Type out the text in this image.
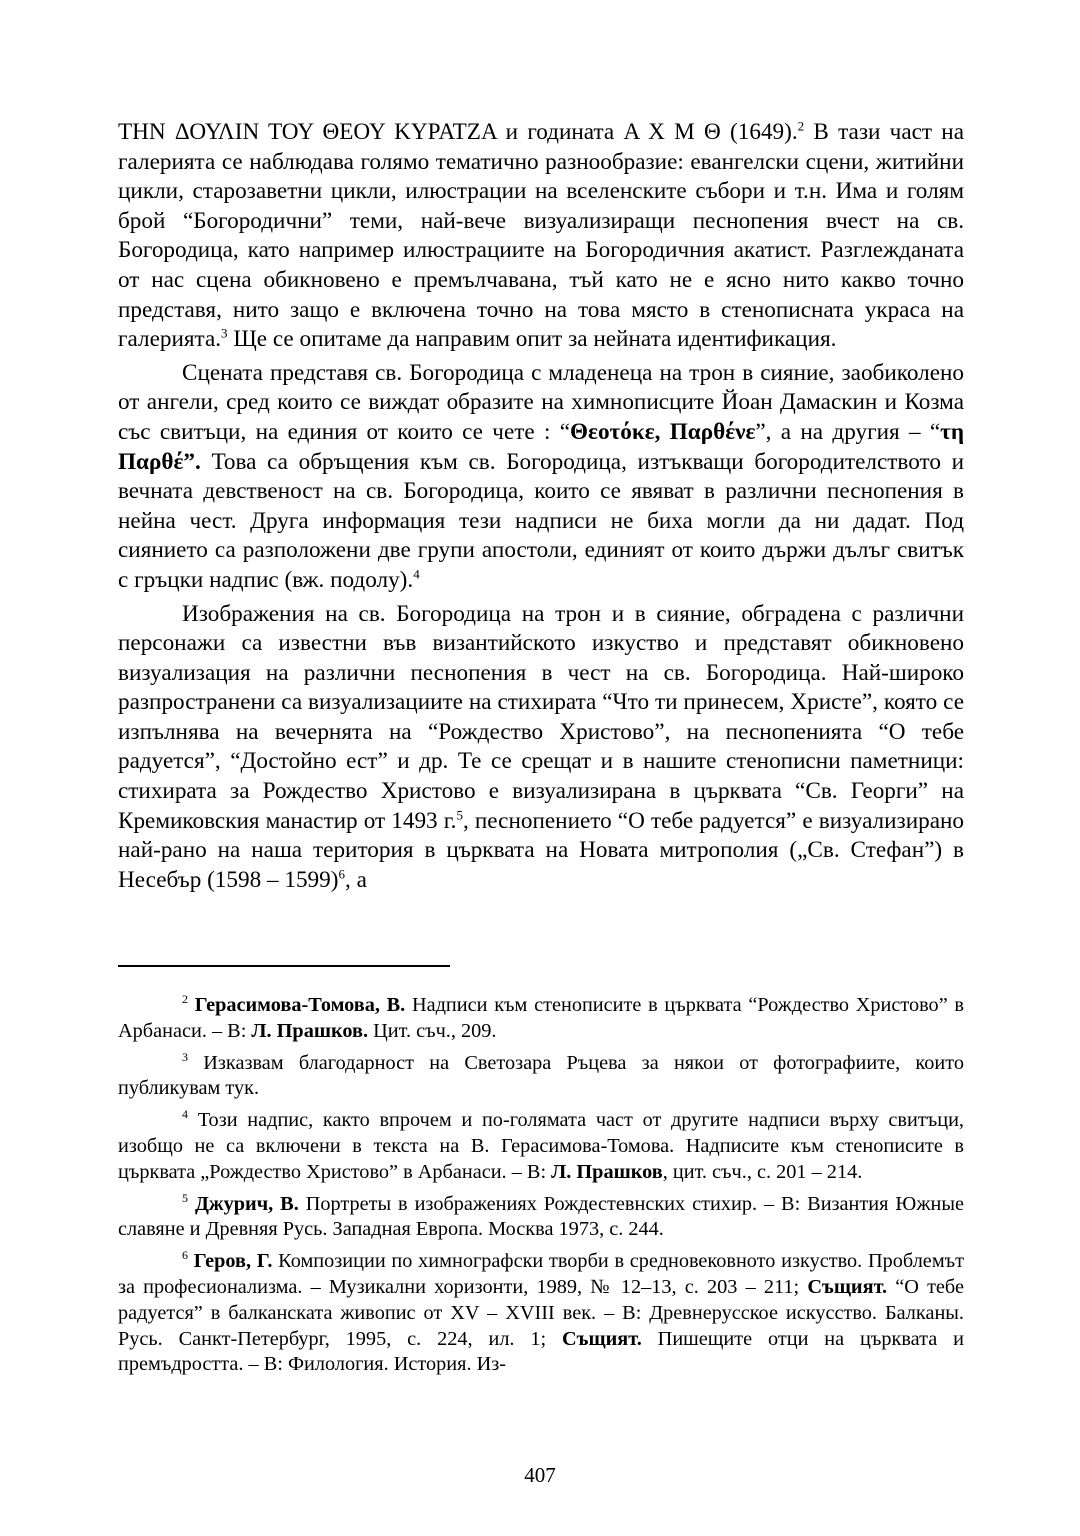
THN ΔΟΥΛΙΝ ΤΟΥ ΘΕΟΥ ΚΥΡΑΤΖΑ и годината Α Χ Μ Θ (1649).$^2$ В тази част на галерията се наблюдава голямо тематично разнообразие: евангелски сцени, житийни цикли, старозаветни цикли, илюстрации на вселенските събори и т.н. Има и голям брой “Богородични” теми, най-вече визуализиращи песнопения вчест на св. Богородица, като например илюстрациите на Богородичния акатист. Разглежданата от нас сцена обикновено е премълчавана, тъй като не е ясно нито какво точно представя, нито защо е включена точно на това място в стенописната украса на галерията.$^3$ Ще се опитаме да направим опит за нейната идентификация.

Сцената представя св. Богородица с младенеца на трон в сияние, заобиколено от ангели, сред които се виждат образите на химнописците Йоан Дамаскин и Козма със свитъци, на единия от които се чете : “Θεοτόκε, Παρθένε”, а на другия – “τη Παρθέ”. Това са обръщения към св. Богородица, изтъкващи богородителството и вечната девственост на св. Богородица, които се явяват в различни песнопения в нейна чест. Друга информация тези надписи не биха могли да ни дадат. Под сиянието са разположени две групи апостоли, единият от които държи дълъг свитък с гръцки надпис (вж. подолу).$^4$

Изображения на св. Богородица на трон и в сияние, обградена с различни персонажи са известни във византийското изкуство и представят обикновено визуализация на различни песнопения в чест на св. Богородица. Най-широко разпространени са визуализациите на стихирата “Что ти принесем, Христе”, която се изпълнява на вечернята на “Рождество Христово”, на песнопенията “О тебе радуется”, “Достойно ест” и др. Те се срещат и в нашите стенописни паметници: стихирата за Рождество Христово е визуализирана в църквата “Св. Георги” на Кремиковския манастир от 1493 г.$^5$, песнопението “О тебе радуется” е визуализирано най-рано на наша територия в църквата на Новата митрополия („Св. Стефан”) в Несебър (1598 – 1599)$^6$, а

$^2$ Герасимова-Томова, В. Надписи към стенописите в църквата “Рождество Христово” в Арбанаси. – В: Л. Прашков. Цит. съч., 209.

$^3$ Изказвам благодарност на Светозара Ръцева за някои от фотографиите, които публикувам тук.

$^4$ Този надпис, както впрочем и по-голямата част от другите надписи върху свитъци, изобщо не са включени в текста на В. Герасимова-Томова. Надписите към стенописите в църквата „Рождество Христово” в Арбанаси. – В: Л. Прашков, цит. съч., с. 201 – 214.

$^5$ Джурич, В. Портреты в изображениях Рождестевнских стихир. – В: Византия Южные славяне и Древняя Русь. Западная Европа. Москва 1973, с. 244.

$^6$ Геров, Г. Композиции по химнографски творби в средновековното изкуство. Проблемът за професионализма. – Музикални хоризонти, 1989, № 12–13, с. 203 – 211; Същият. “О тебе радуется” в балканската живопис от XV – XVIII век. – В: Древнерусское искусство. Балканы. Русь. Санкт-Петербург, 1995, с. 224, ил. 1; Същият. Пишещите отци на църквата и премъдростта. – В: Филология. История. Из-

407
